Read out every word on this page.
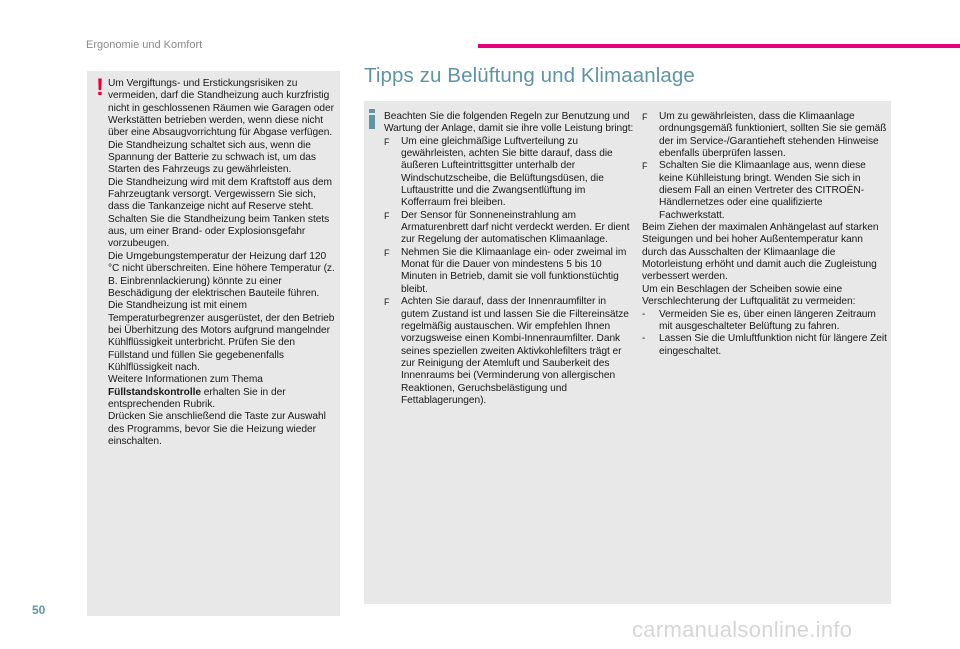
Ergonomie und Komfort
! Um Vergiftungs- und Erstickungsrisiken zu vermeiden, darf die Standheizung auch kurzfristig nicht in geschlossenen Räumen wie Garagen oder Werkstätten betrieben werden, wenn diese nicht über eine Absaugvorrichtung für Abgase verfügen.

Die Standheizung schaltet sich aus, wenn die Spannung der Batterie zu schwach ist, um das Starten des Fahrzeugs zu gewährleisten.

Die Standheizung wird mit dem Kraftstoff aus dem Fahrzeugtank versorgt. Vergewissern Sie sich, dass die Tankanzeige nicht auf Reserve steht.

Schalten Sie die Standheizung beim Tanken stets aus, um einer Brand- oder Explosionsgefahr vorzubeugen.

Die Umgebungstemperatur der Heizung darf 120 °C nicht überschreiten. Eine höhere Temperatur (z. B. Einbrennlackierung) könnte zu einer Beschädigung der elektrischen Bauteile führen.

Die Standheizung ist mit einem Temperaturbegrenzer ausgerüstet, der den Betrieb bei Überhitzung des Motors aufgrund mangelnder Kühlflüssigkeit unterbricht. Prüfen Sie den Füllstand und füllen Sie gegebenenfalls Kühlflüssigkeit nach.

Weitere Informationen zum Thema
Füllstandskontrolle erhalten Sie in der entsprechenden Rubrik.

Drücken Sie anschließend die Taste zur Auswahl des Programms, bevor Sie die Heizung wieder einschalten.

Tipps zu Belüftung und Klimaanlage

Beachten Sie die folgenden Regeln zur Benutzung und Wartung der Anlage, damit sie ihre volle Leistung bringt:

F	Um eine gleichmäßige Luftverteilung zu gewährleisten, achten Sie bitte darauf, dass die äußeren Lufteintrittsgitter unterhalb der Windschutzscheibe, die Belüftungsdüsen, die Luftaustritte und die Zwangsentlüftung im Kofferraum frei bleiben.
F	Der Sensor für Sonneneinstrahlung am Armaturenbrett darf nicht verdeckt werden. Er dient zur Regelung der automatischen Klimaanlage.
F	Nehmen Sie die Klimaanlage ein- oder zweimal im Monat für die Dauer von mindestens 5 bis 10 Minuten in Betrieb, damit sie voll funktionstüchtig bleibt.
F	Achten Sie darauf, dass der Innenraumfilter in gutem Zustand ist und lassen Sie die Filtereinsätze regelmäßig austauschen. Wir empfehlen Ihnen vorzugsweise einen Kombi-Innenraumfilter. Dank seines speziellen zweiten Aktivkohlefilters trägt er zur Reinigung der Atemluft und Sauberkeit des Innenraums bei (Verminderung von allergischen Reaktionen, Geruchsbelästigung und Fettablagerungen).
F	Um zu gewährleisten, dass die Klimaanlage ordnungsgemäß funktioniert, sollten Sie sie gemäß der im Service-/Garantieheft stehenden Hinweise ebenfalls überprüfen lassen.
F	Schalten Sie die Klimaanlage aus, wenn diese keine Kühlleistung bringt. Wenden Sie sich in diesem Fall an einen Vertreter des CITROËN-Händlernetzes oder eine qualifizierte Fachwerkstatt.

Beim Ziehen der maximalen Anhängelast auf starken Steigungen und bei hoher Außentemperatur kann durch das Ausschalten der Klimaanlage die Motorleistung erhöht und damit auch die Zugleistung verbessert werden.

Um ein Beschlagen der Scheiben sowie eine Verschlechterung der Luftqualität zu vermeiden:

-	Vermeiden Sie es, über einen längeren Zeitraum mit ausgeschalteter Belüftung zu fahren.
-	Lassen Sie die Umluftfunktion nicht für längere Zeit eingeschaltet.
50
carmanualsonline.info
